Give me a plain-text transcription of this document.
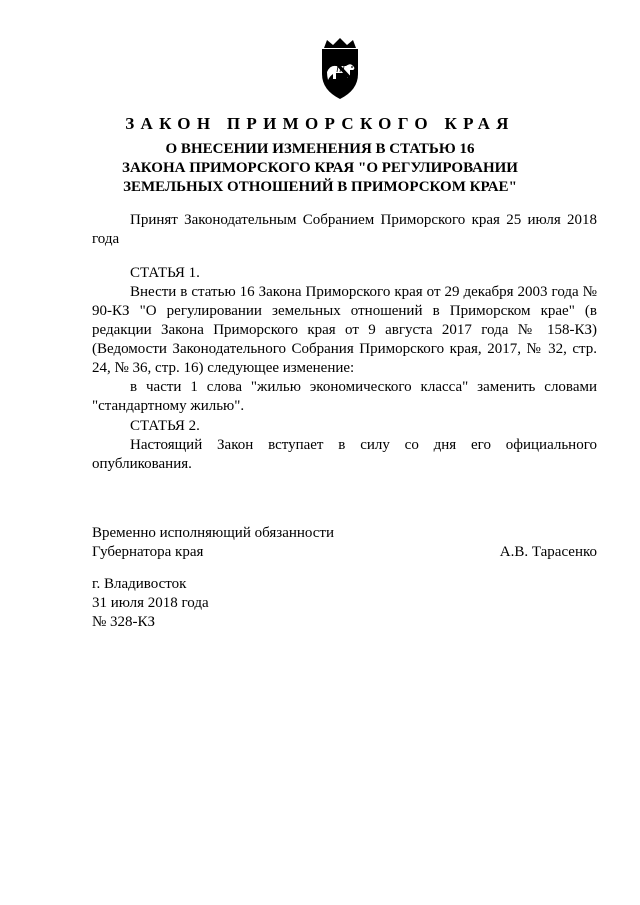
ЗАКОН ПРИМОРСКОГО КРАЯ
О ВНЕСЕНИИ ИЗМЕНЕНИЯ В СТАТЬЮ 16
ЗАКОНА ПРИМОРСКОГО КРАЯ "О РЕГУЛИРОВАНИИ
ЗЕМЕЛЬНЫХ ОТНОШЕНИЙ В ПРИМОРСКОМ КРАЕ"
Принят Законодательным Собранием Приморского края 25 июля 2018 года
СТАТЬЯ 1.
Внести в статью 16 Закона Приморского края от 29 декабря 2003 года № 90-КЗ "О регулировании земельных отношений в Приморском крае" (в редакции Закона Приморского края от 9 августа 2017 года № 158-КЗ) (Ведомости Законодательного Собрания Приморского края, 2017, № 32, стр. 24, № 36, стр. 16) следующее изменение:
в части 1 слова "жилью экономического класса" заменить словами "стандартному жилью".
СТАТЬЯ 2.
Настоящий Закон вступает в силу со дня его официального опубликования.
Временно исполняющий обязанности
Губернатора края	А.В. Тарасенко
г. Владивосток
31 июля 2018 года
№ 328-КЗ
